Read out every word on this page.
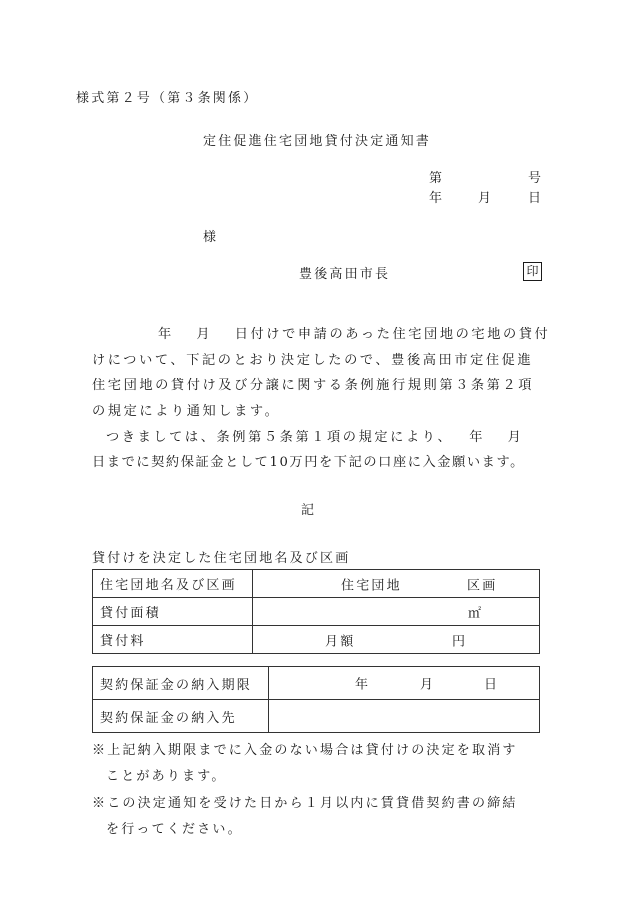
様式第２号（第３条関係）
定住促進住宅団地貸付決定通知書
第	号
年	月	日
様
豊後高田市長	印
年　 月　 日付けで申請のあった住宅団地の宅地の貸付
けについて、下記のとおり決定したので、豊後高田市定住促進
住宅団地の貸付け及び分譲に関する条例施行規則第３条第２項
の規定により通知します。
つきましては、条例第５条第１項の規定により、　 年　 月
日までに契約保証金として10万円を下記の口座に入金願います。
記
貸付けを決定した住宅団地名及び区画
住宅団地名及び区画	住宅団地 区画

貸付面積	㎡

貸付料	月額 円
契約保証金の納入期限	年 月 日

契約保証金の納入先	
※上記納入期限までに入金のない場合は貸付けの決定を取消す
ことがあります。
※この決定通知を受けた日から１月以内に賃貸借契約書の締結
を行ってください。
